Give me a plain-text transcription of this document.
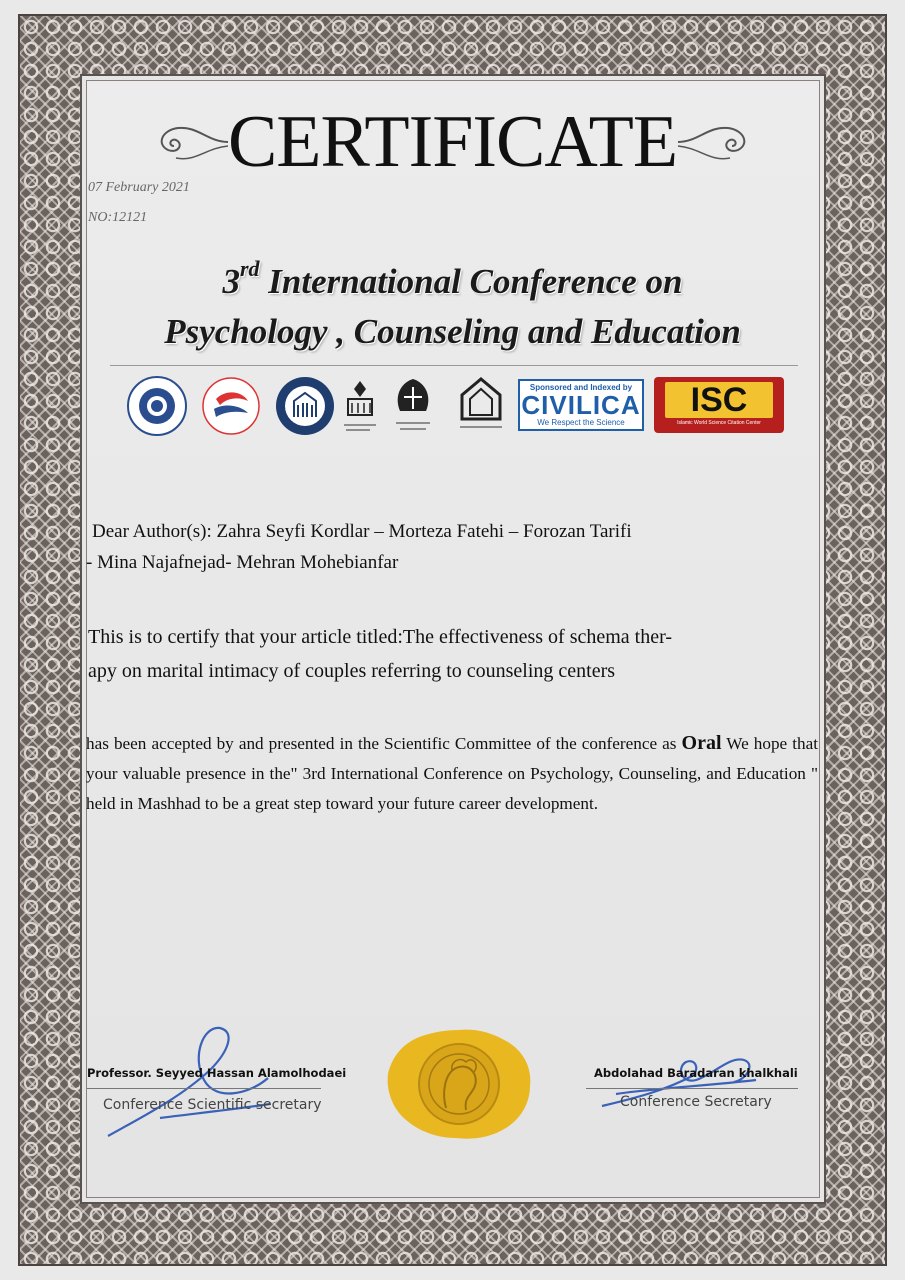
CERTIFICATE
07 February 2021
NO:12121
3rd International Conference on
Psychology , Counseling and Education
Sponsored and Indexed by
CIVILICA
We Respect the Science
ISC
Islamic World Science Citation Center
Dear Author(s): Zahra Seyfi Kordlar – Morteza Fatehi – Forozan Tarifi
- Mina Najafnejad- Mehran Mohebianfar
This is to certify that your article titled:The effectiveness of schema ther-
apy on marital intimacy of couples referring to counseling centers
has been accepted by and presented in the Scientific Committee of the conference as Oral We hope that your valuable presence in the" 3rd International Conference on Psychology, Counseling, and Education " held in Mashhad to be a great step toward your future career development.
Professor. Seyyed Hassan Alamolhodaei
Conference Scientific secretary
Abdolahad Baradaran khalkhali
Conference Secretary
